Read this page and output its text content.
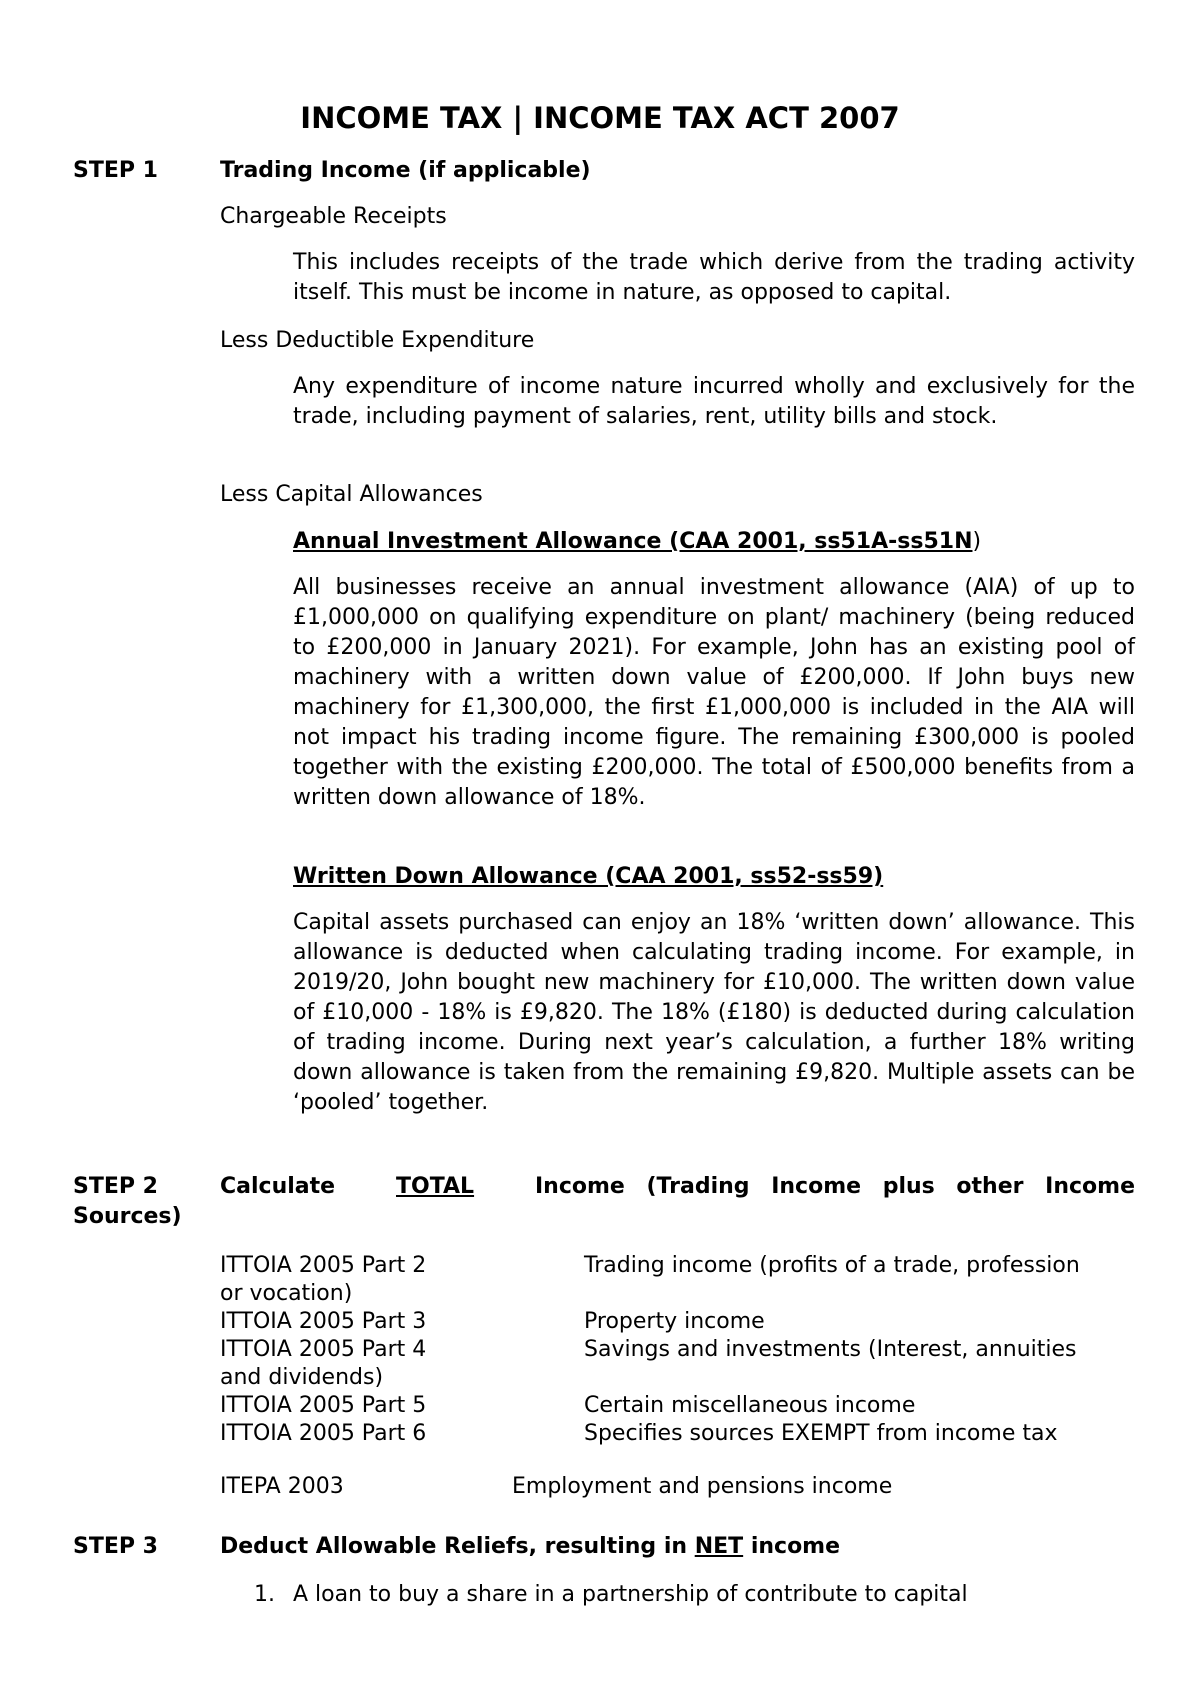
INCOME TAX | INCOME TAX ACT 2007
STEP 1	Trading Income (if applicable)
Chargeable Receipts
This includes receipts of the trade which derive from the trading activity itself. This must be income in nature, as opposed to capital.
Less Deductible Expenditure
Any expenditure of income nature incurred wholly and exclusively for the trade, including payment of salaries, rent, utility bills and stock.
Less Capital Allowances
Annual Investment Allowance (CAA 2001, ss51A-ss51N)
All businesses receive an annual investment allowance (AIA) of up to £1,000,000 on qualifying expenditure on plant/ machinery (being reduced to £200,000 in January 2021). For example, John has an existing pool of machinery with a written down value of £200,000. If John buys new machinery for £1,300,000, the first £1,000,000 is included in the AIA will not impact his trading income figure. The remaining £300,000 is pooled together with the existing £200,000. The total of £500,000 benefits from a written down allowance of 18%.
Written Down Allowance (CAA 2001, ss52-ss59)
Capital assets purchased can enjoy an 18% ‘written down’ allowance. This allowance is deducted when calculating trading income. For example, in 2019/20, John bought new machinery for £10,000. The written down value of £10,000 - 18% is £9,820. The 18% (£180) is deducted during calculation of trading income. During next year’s calculation, a further 18% writing down allowance is taken from the remaining £9,820. Multiple assets can be ‘pooled’ together.
STEP 2	Calculate	TOTAL	Income (Trading Income plus other Income
Sources)
ITTOIA 2005 Part 2	Trading income (profits of a trade, profession
or vocation)
ITTOIA 2005 Part 3	Property income
ITTOIA 2005 Part 4	Savings and investments (Interest, annuities
and dividends)
ITTOIA 2005 Part 5	Certain miscellaneous income
ITTOIA 2005 Part 6	Specifies sources EXEMPT from income tax
ITEPA 2003	Employment and pensions income
STEP 3	Deduct Allowable Reliefs, resulting in NET income
1. A loan to buy a share in a partnership of contribute to capital
